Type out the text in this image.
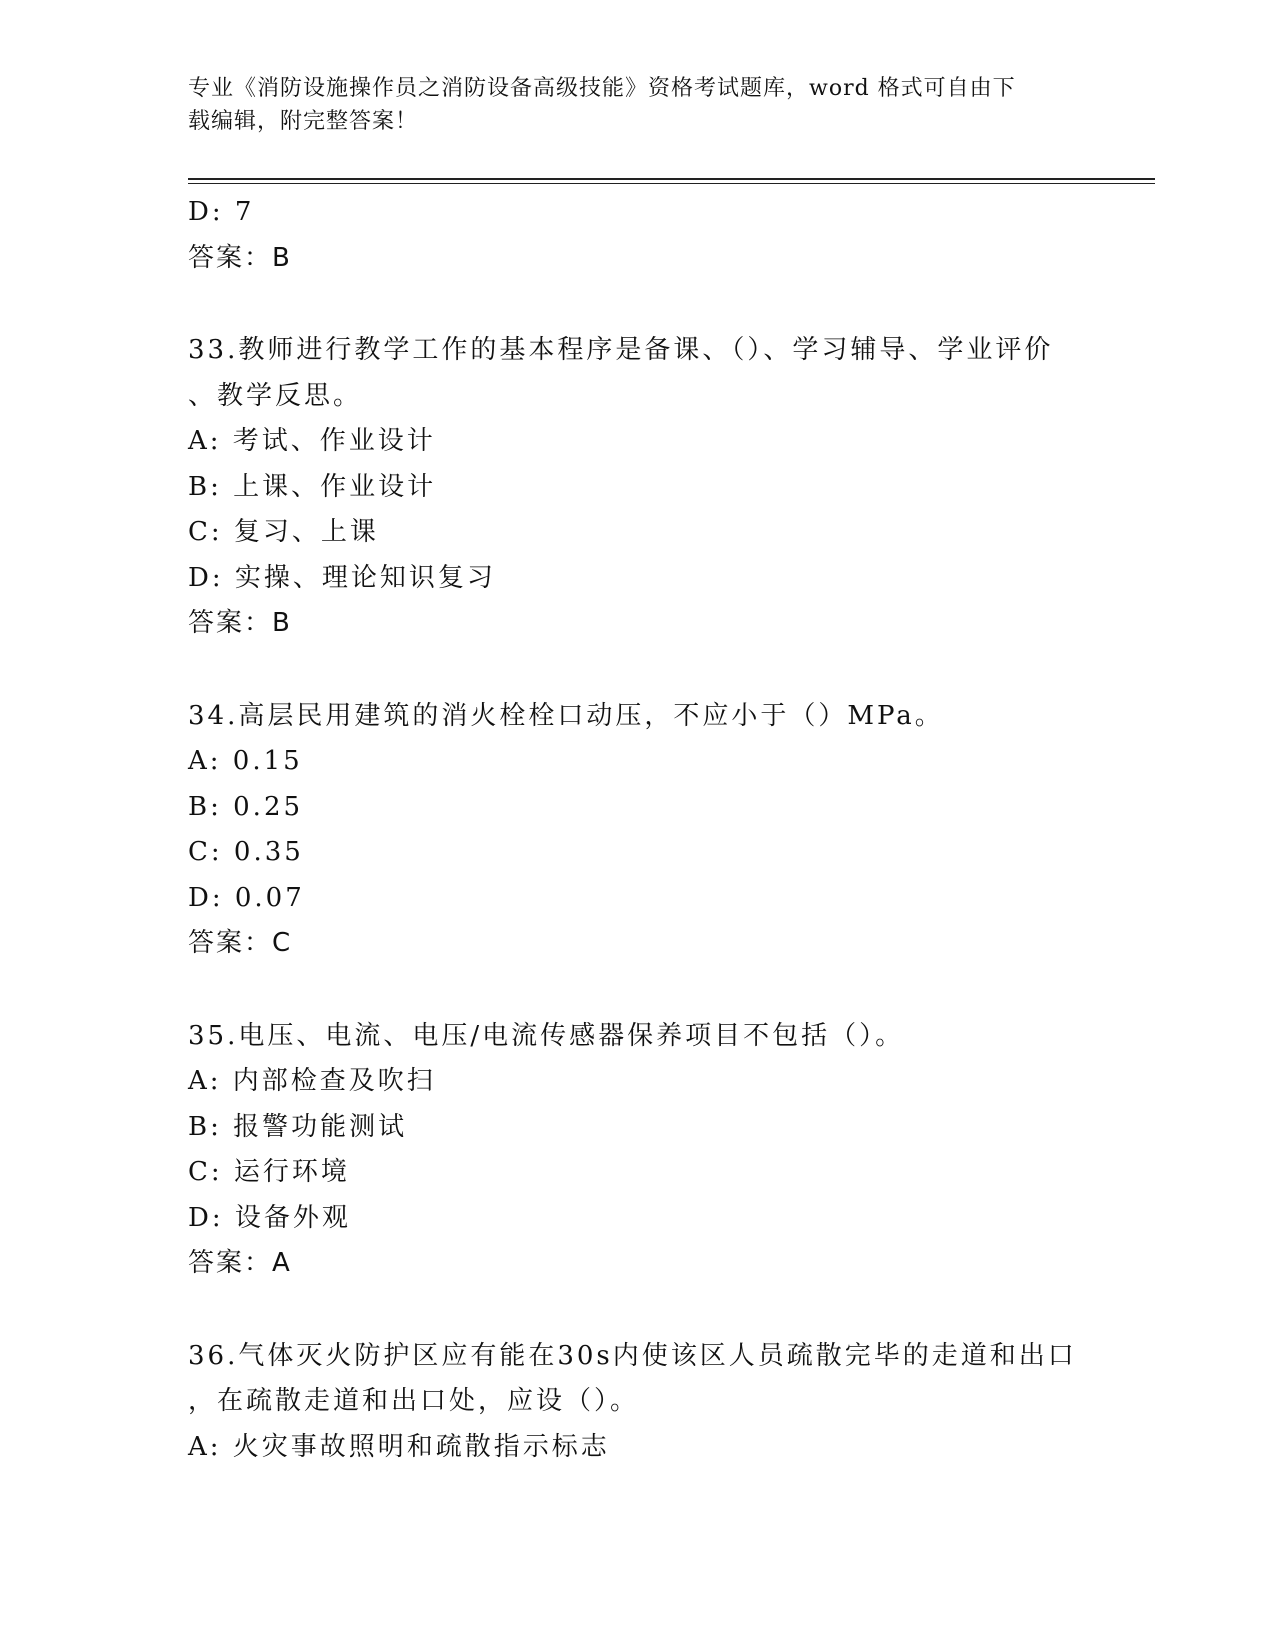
专业《消防设施操作员之消防设备高级技能》资格考试题库，word 格式可自由下
载编辑，附完整答案！
D: 7
答案：B
33.教师进行教学工作的基本程序是备课、（）、学习辅导、学业评价
、教学反思。
A: 考试、作业设计
B: 上课、作业设计
C: 复习、上课
D: 实操、理论知识复习
答案：B
34.高层民用建筑的消火栓栓口动压，不应小于（）MPa。
A: 0.15
B: 0.25
C: 0.35
D: 0.07
答案：C
35.电压、电流、电压/电流传感器保养项目不包括（）。
A: 内部检查及吹扫
B: 报警功能测试
C: 运行环境
D: 设备外观
答案：A
36.气体灭火防护区应有能在30s内使该区人员疏散完毕的走道和出口
，在疏散走道和出口处，应设（）。
A: 火灾事故照明和疏散指示标志
